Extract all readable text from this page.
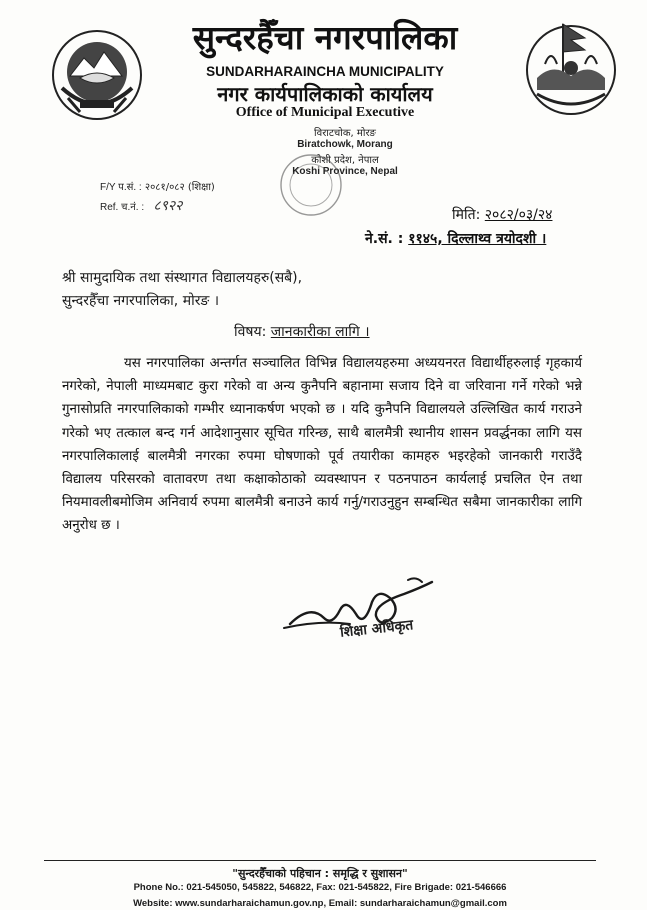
सुन्दरहैँचा नगरपालिका
SUNDARHARAINCHA MUNICIPALITY
नगर कार्यपालिकाको कार्यालय
Office of Municipal Executive
विराटचोक, मोरङ
Biratchowk, Morang
कोशी प्रदेश, नेपाल
Koshi Province, Nepal
F/Y प.सं. : २०८१/०८२ (शिक्षा)
Ref. च.नं. : ८९२२
मिति: २०८२/०३/२४
ने.सं. : ११४५, दिल्लाथ्व त्रयोदशी ।
श्री सामुदायिक तथा संस्थागत विद्यालयहरु(सबै),
सुन्दरहैँचा नगरपालिका, मोरङ ।
विषय: जानकारीका लागि ।
यस नगरपालिका अन्तर्गत सञ्चालित विभिन्न विद्यालयहरुमा अध्ययनरत विद्यार्थीहरुलाई गृहकार्य नगरेको, नेपाली माध्यमबाट कुरा गरेको वा अन्य कुनैपनि बहानामा सजाय दिने वा जरिवाना गर्ने गरेको भन्ने गुनासोप्रति नगरपालिकाको गम्भीर ध्यानाकर्षण भएको छ । यदि कुनैपनि विद्यालयले उल्लिखित कार्य गराउने गरेको भए तत्काल बन्द गर्न आदेशानुसार सूचित गरिन्छ, साथै बालमैत्री स्थानीय शासन प्रवर्द्धनका लागि यस नगरपालिकालाई बालमैत्री नगरका रुपमा घोषणाको पूर्व तयारीका कामहरु भइरहेको जानकारी गराउँदै विद्यालय परिसरको वातावरण तथा कक्षाकोठाको व्यवस्थापन र पठनपाठन कार्यलाई प्रचलित ऐन तथा नियमावलीबमोजिम अनिवार्य रुपमा बालमैत्री बनाउने कार्य गर्नु/गराउनुहुन सम्बन्धित सबैमा जानकारीका लागि अनुरोध छ ।
शिक्षा अधिकृत
"सुन्दरहैँचाको पहिचान : समृद्धि र सुशासन"
Phone No.: 021-545050, 545822, 546822, Fax: 021-545822, Fire Brigade: 021-546666
Website: www.sundarharaichamun.gov.np, Email: sundarharaichamun@gmail.com
